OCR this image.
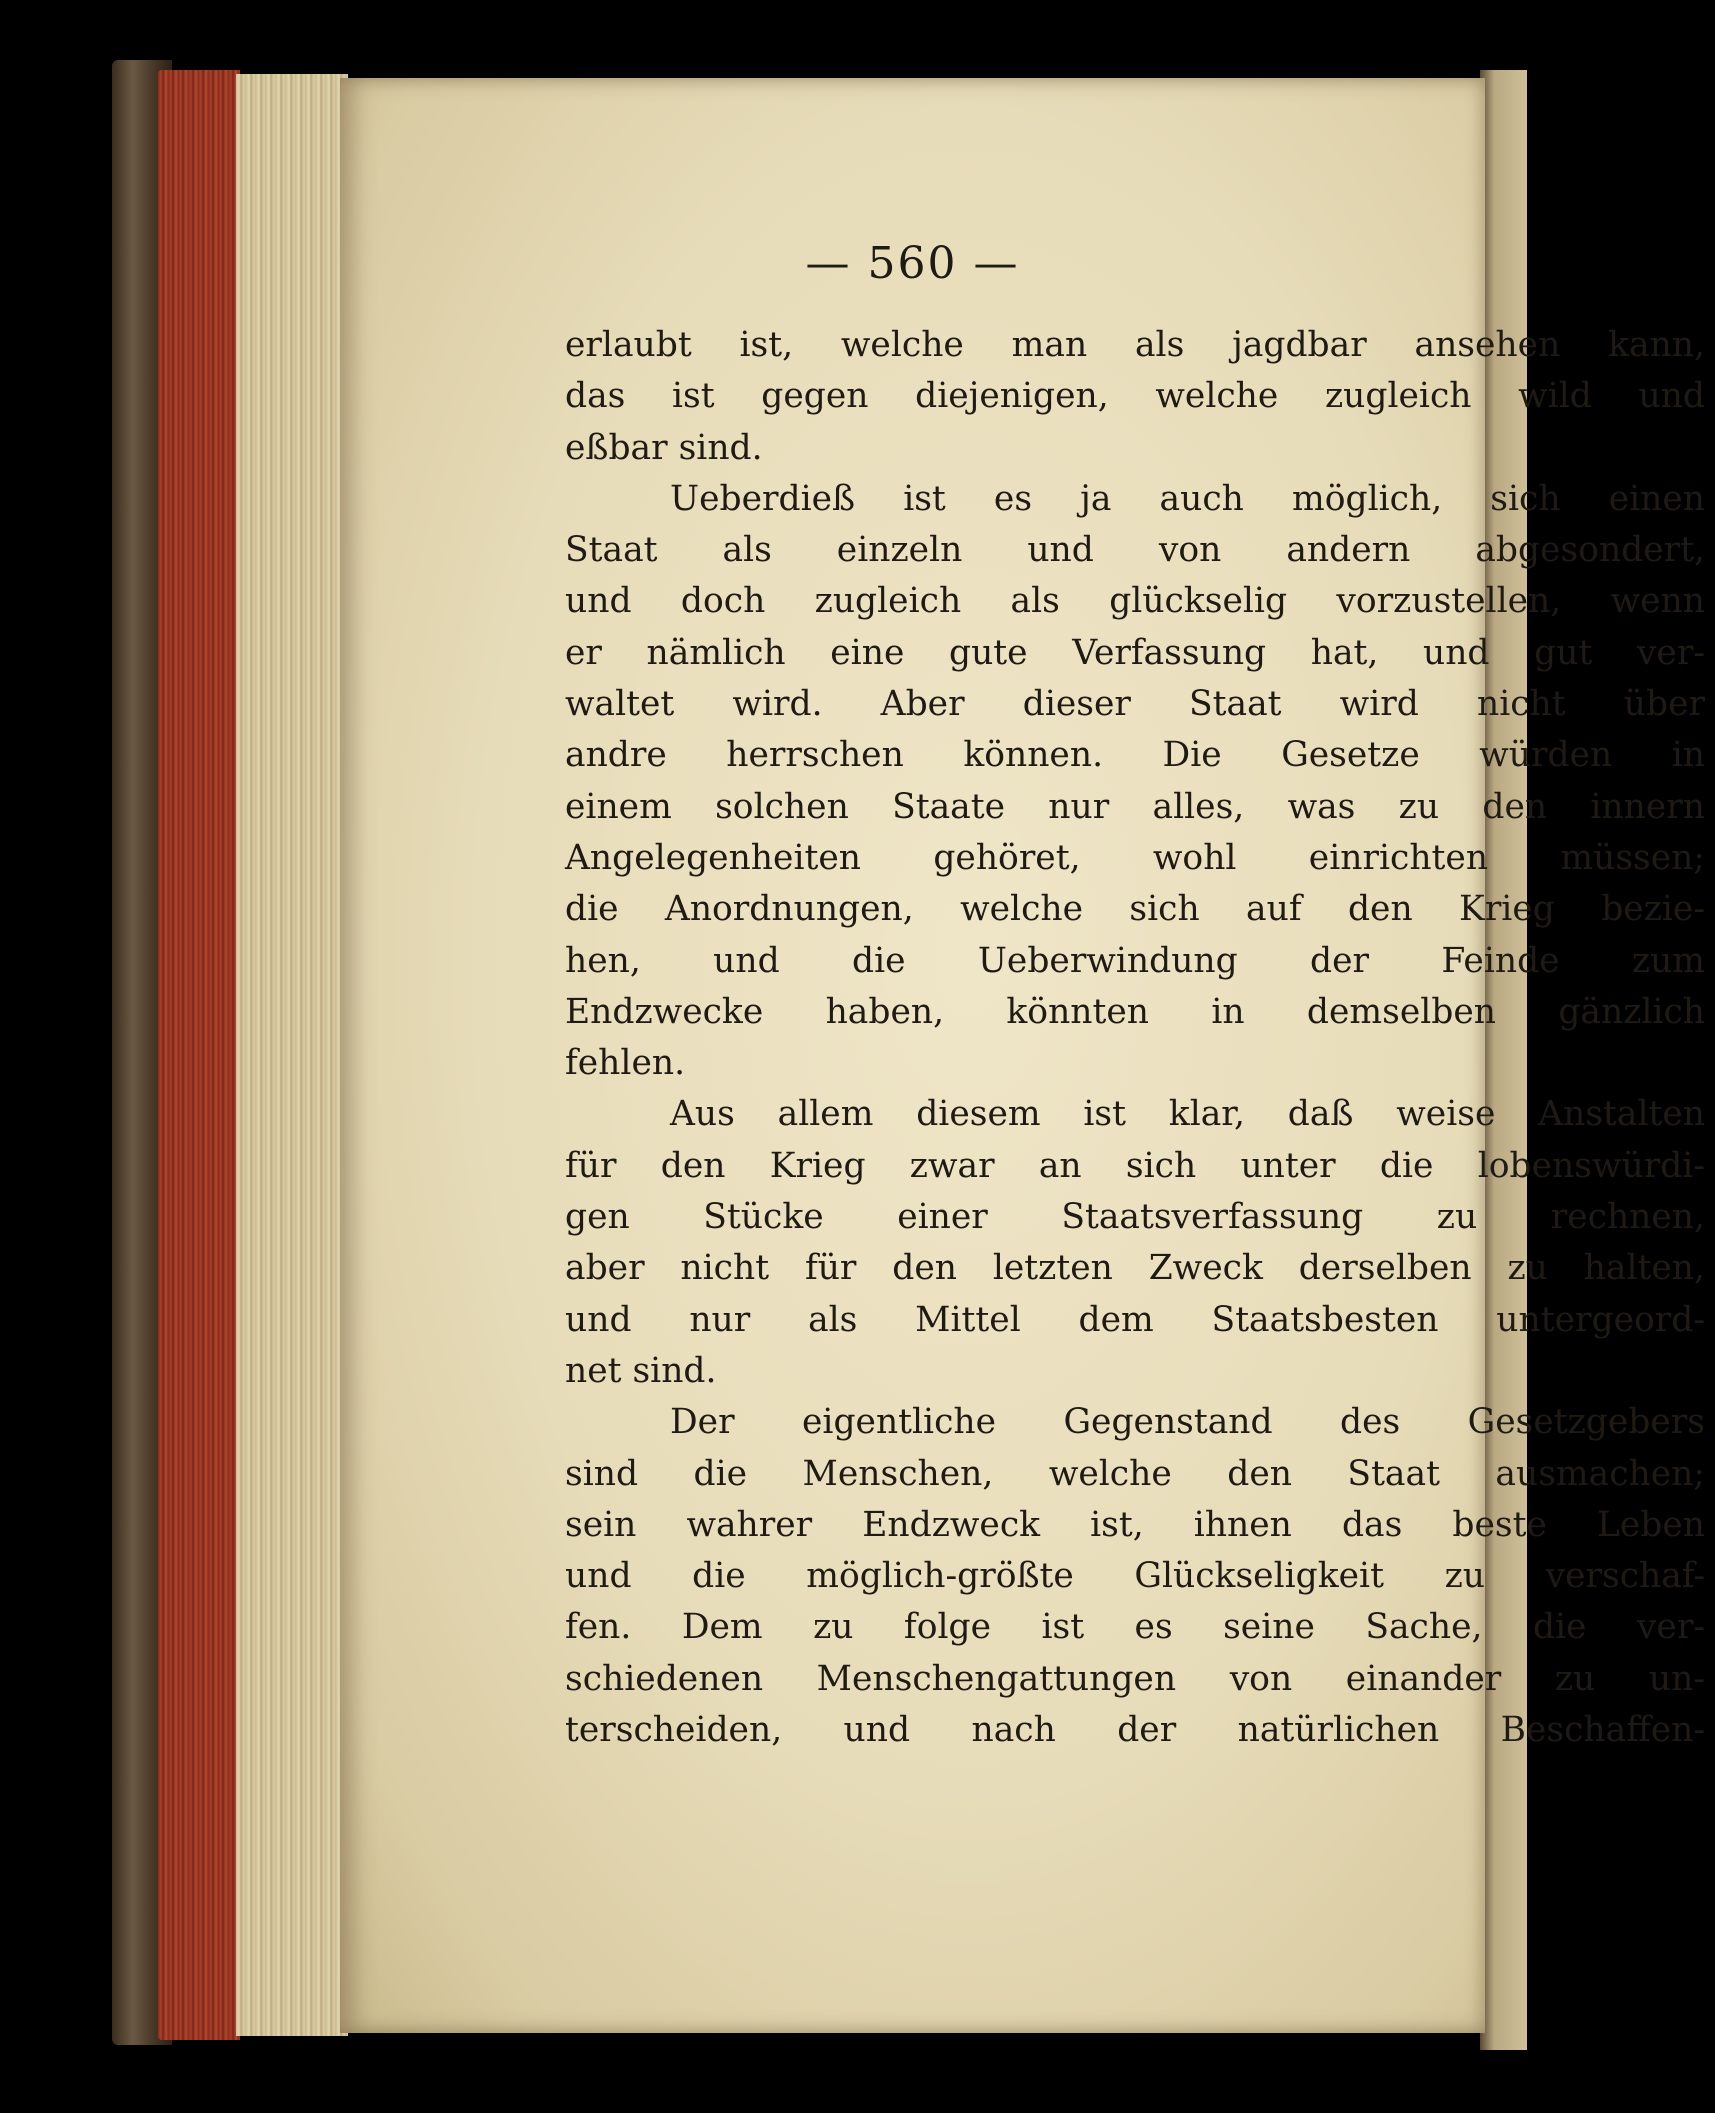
— 560 —
erlaubt ist, welche man als jagdbar ansehen kann,
das ist gegen diejenigen, welche zugleich wild und
eßbar sind.
Ueberdieß ist es ja auch möglich, sich einen
Staat als einzeln und von andern abgesondert,
und doch zugleich als glückselig vorzustellen, wenn
er nämlich eine gute Verfassung hat, und gut ver-
waltet wird. Aber dieser Staat wird nicht über
andre herrschen können. Die Gesetze würden in
einem solchen Staate nur alles, was zu den innern
Angelegenheiten gehöret, wohl einrichten müssen;
die Anordnungen, welche sich auf den Krieg bezie-
hen, und die Ueberwindung der Feinde zum
Endzwecke haben, könnten in demselben gänzlich
fehlen.
Aus allem diesem ist klar, daß weise Anstalten
für den Krieg zwar an sich unter die lobenswürdi-
gen Stücke einer Staatsverfassung zu rechnen,
aber nicht für den letzten Zweck derselben zu halten,
und nur als Mittel dem Staatsbesten untergeord-
net sind.
Der eigentliche Gegenstand des Gesetzgebers
sind die Menschen, welche den Staat ausmachen;
sein wahrer Endzweck ist, ihnen das beste Leben
und die möglich-größte Glückseligkeit zu verschaf-
fen. Dem zu folge ist es seine Sache, die ver-
schiedenen Menschengattungen von einander zu un-
terscheiden, und nach der natürlichen Beschaffen-
